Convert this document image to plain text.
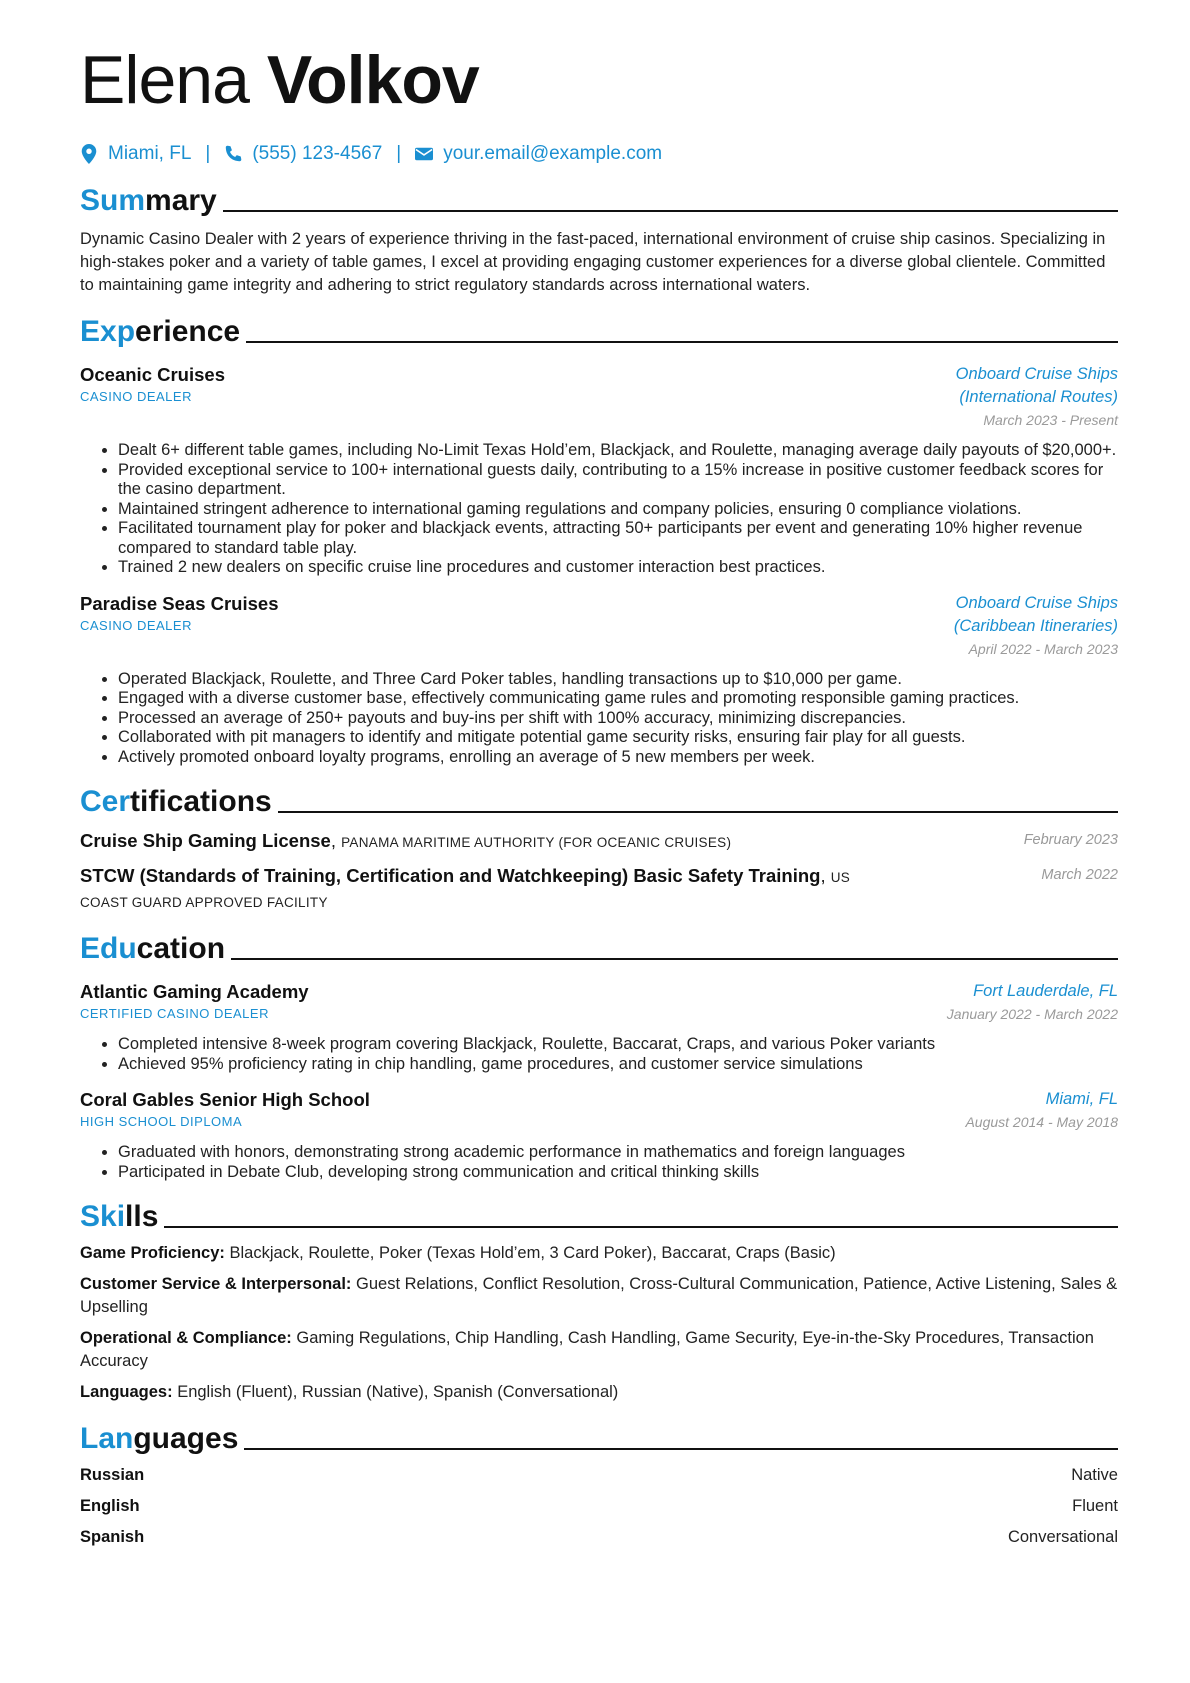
Elena Volkov
Miami, FL | (555) 123-4567 | your.email@example.com
Summary
Dynamic Casino Dealer with 2 years of experience thriving in the fast-paced, international environment of cruise ship casinos. Specializing in high-stakes poker and a variety of table games, I excel at providing engaging customer experiences for a diverse global clientele. Committed to maintaining game integrity and adhering to strict regulatory standards across international waters.
Experience
Oceanic Cruises
CASINO DEALER
Onboard Cruise Ships (International Routes)
March 2023 - Present
• Dealt 6+ different table games, including No-Limit Texas Hold’em, Blackjack, and Roulette, managing average daily payouts of $20,000+.
• Provided exceptional service to 100+ international guests daily, contributing to a 15% increase in positive customer feedback scores for the casino department.
• Maintained stringent adherence to international gaming regulations and company policies, ensuring 0 compliance violations.
• Facilitated tournament play for poker and blackjack events, attracting 50+ participants per event and generating 10% higher revenue compared to standard table play.
• Trained 2 new dealers on specific cruise line procedures and customer interaction best practices.
Paradise Seas Cruises
CASINO DEALER
Onboard Cruise Ships (Caribbean Itineraries)
April 2022 - March 2023
• Operated Blackjack, Roulette, and Three Card Poker tables, handling transactions up to $10,000 per game.
• Engaged with a diverse customer base, effectively communicating game rules and promoting responsible gaming practices.
• Processed an average of 250+ payouts and buy-ins per shift with 100% accuracy, minimizing discrepancies.
• Collaborated with pit managers to identify and mitigate potential game security risks, ensuring fair play for all guests.
• Actively promoted onboard loyalty programs, enrolling an average of 5 new members per week.
Certifications
Cruise Ship Gaming License, PANAMA MARITIME AUTHORITY (FOR OCEANIC CRUISES)	February 2023
STCW (Standards of Training, Certification and Watchkeeping) Basic Safety Training, US COAST GUARD APPROVED FACILITY
March 2022
Education
Atlantic Gaming Academy
CERTIFIED CASINO DEALER
Fort Lauderdale, FL
January 2022 - March 2022
• Completed intensive 8-week program covering Blackjack, Roulette, Baccarat, Craps, and various Poker variants
• Achieved 95% proficiency rating in chip handling, game procedures, and customer service simulations
Coral Gables Senior High School
HIGH SCHOOL DIPLOMA
Miami, FL
August 2014 - May 2018
• Graduated with honors, demonstrating strong academic performance in mathematics and foreign languages
• Participated in Debate Club, developing strong communication and critical thinking skills
Skills
Game Proficiency: Blackjack, Roulette, Poker (Texas Hold’em, 3 Card Poker), Baccarat, Craps (Basic)
Customer Service & Interpersonal: Guest Relations, Conflict Resolution, Cross-Cultural Communication, Patience, Active Listening, Sales & Upselling
Operational & Compliance: Gaming Regulations, Chip Handling, Cash Handling, Game Security, Eye-in-the-Sky Procedures, Transaction Accuracy
Languages: English (Fluent), Russian (Native), Spanish (Conversational)
Languages
Russian	Native
English	Fluent
Spanish	Conversational
